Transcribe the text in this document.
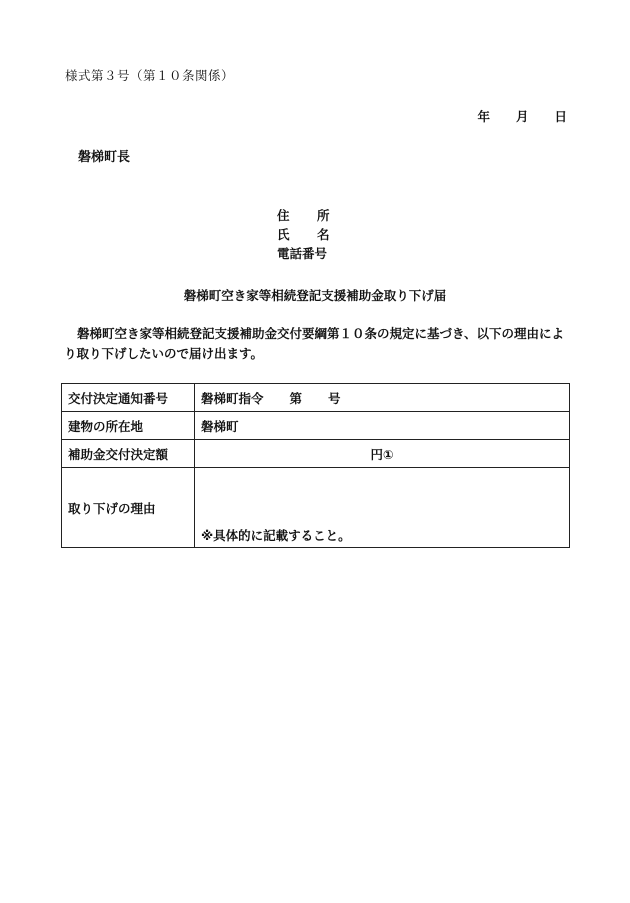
様式第３号（第１０条関係）
年 月 日
磐梯町長
住 所
氏 名
電話番号
磐梯町空き家等相続登記支援補助金取り下げ届
磐梯町空き家等相続登記支援補助金交付要綱第１０条の規定に基づき、以下の理由により取り下げしたいので届け出ます。
交付決定通知番号	磐梯町指令 第 号
建物の所在地	磐梯町
補助金交付決定額	円①
取り下げの理由	※具体的に記載すること。
